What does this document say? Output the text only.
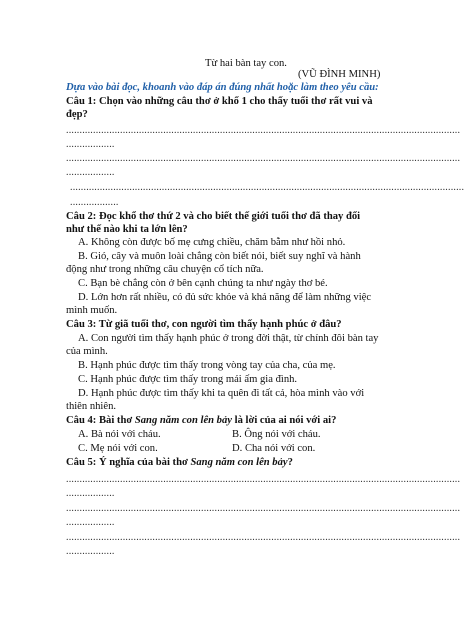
Từ hai bàn tay con.
(VŨ ĐÌNH MINH)
Dựa vào bài đọc, khoanh vào đáp án đúng nhất hoặc làm theo yêu cầu:
Câu 1: Chọn vào những câu thơ ở khổ 1 cho thấy tuổi thơ rất vui và
đẹp?
..................................................................................................................................................
..................
..................................................................................................................................................
..................
..................................................................................................................................................
..................
Câu 2: Đọc khổ thơ thứ 2 và cho biết thế giới tuổi thơ đã thay đổi
như thế nào khi ta lớn lên?
A. Không còn được bố mẹ cưng chiều, chăm bẵm như hồi nhỏ.
B. Gió, cây và muôn loài chẳng còn biết nói, biết suy nghĩ và hành
động như trong những câu chuyện cổ tích nữa.
C. Bạn bè chẳng còn ở bên cạnh chúng ta như ngày thơ bé.
D. Lớn hơn rất nhiều, có đủ sức khỏe và khả năng để làm những việc
mình muốn.
Câu 3: Từ giã tuổi thơ, con người tìm thấy hạnh phúc ở đâu?
A. Con người tìm thấy hạnh phúc ở trong đời thật, từ chính đôi bàn tay
của mình.
B. Hạnh phúc được tìm thấy trong vòng tay của cha, của mẹ.
C. Hạnh phúc được tìm thấy trong mái ấm gia đình.
D. Hạnh phúc được tìm thấy khi ta quên đi tất cả, hòa mình vào với
thiên nhiên.
Câu 4: Bài thơ Sang năm con lên bảy là lời của ai nói với ai?
A. Bà nói với cháu.	B. Ông nói với cháu.
C. Mẹ nói với con.	D. Cha nói với con.
Câu 5: Ý nghĩa của bài thơ Sang năm con lên bảy?
..................................................................................................................................................
..................
..................................................................................................................................................
..................
..................................................................................................................................................
..................
